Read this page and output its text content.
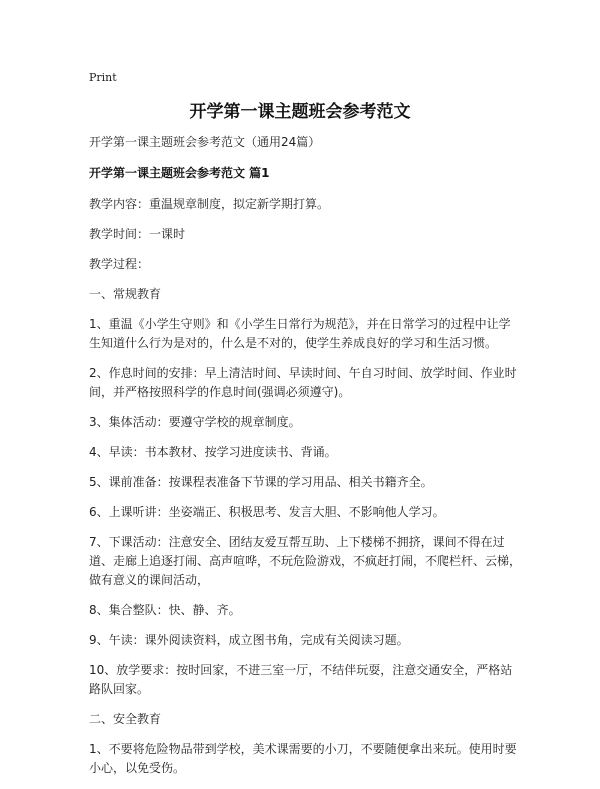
Print
开学第一课主题班会参考范文

开学第一课主题班会参考范文（通用24篇）

开学第一课主题班会参考范文 篇1

教学内容：重温规章制度，拟定新学期打算。

教学时间：一课时

教学过程：

一、常规教育

1、重温《小学生守则》和《小学生日常行为规范》，并在日常学习的过程中让学生知道什么行为是对的，什么是不对的，使学生养成良好的学习和生活习惯。

2、作息时间的安排：早上清洁时间、早读时间、午自习时间、放学时间、作业时间，并严格按照科学的作息时间(强调必须遵守)。

3、集体活动：要遵守学校的规章制度。

4、早读：书本教材、按学习进度读书、背诵。

5、课前准备：按课程表准备下节课的学习用品、相关书籍齐全。

6、上课听讲：坐姿端正、积极思考、发言大胆、不影响他人学习。

7、下课活动：注意安全、团结友爱互帮互助、上下楼梯不拥挤，课间不得在过道、走廊上追逐打闹、高声喧哗，不玩危险游戏，不疯赶打闹，不爬栏杆、云梯，做有意义的课间活动，

8、集合整队：快、静、齐。

9、午读：课外阅读资料，成立图书角，完成有关阅读习题。

10、放学要求：按时回家，不进三室一厅，不结伴玩耍，注意交通安全，严格站路队回家。

二、安全教育

1、不要将危险物品带到学校，美术课需要的小刀，不要随便拿出来玩。使用时要小心，以免受伤。
